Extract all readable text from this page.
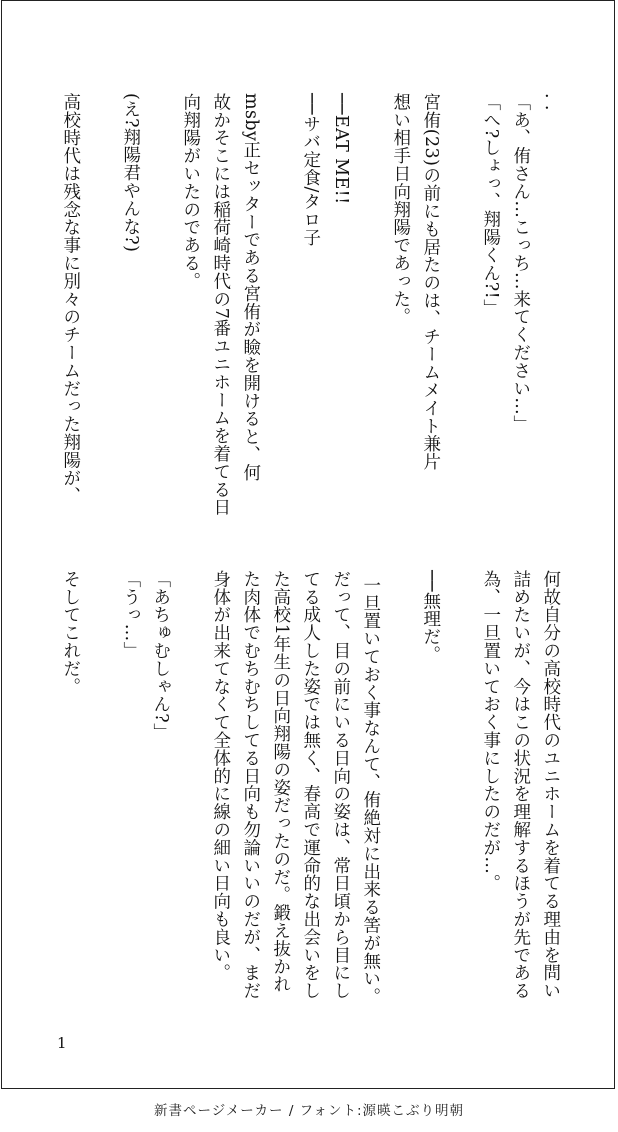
. .
「あ、侑さん…こっち…来てください…」
「へ?しょっ、翔陽くん?!」
宮侑(23)の前にも居たのは、チームメイト兼片
想い相手日向翔陽であった。
──EAT ME!!
──サバ定食/タロ子
msby正セッターである宮侑が瞼を開けると、何
故かそこには稲荷崎時代の7番ユニホームを着てる日
向翔陽がいたのである。
(え?翔陽君やんな?)
高校時代は残念な事に別々のチームだった翔陽が、
何故自分の高校時代のユニホームを着てる理由を問い
詰めたいが、今はこの状況を理解するほうが先である
為、一旦置いておく事にしたのだが…。
──無理だ。
一旦置いておく事なんて、侑絶対に出来る筈が無い。
だって、目の前にいる日向の姿は、常日頃から目にし
てる成人した姿では無く、春高で運命的な出会いをし
た高校1年生の日向翔陽の姿だったのだ。鍛え抜かれ
た肉体でむちむちしてる日向も勿論いいのだが、まだ
身体が出来てなくて全体的に線の細い日向も良い。
「あちゅむしゃん?」
「うっ…」
そしてこれだ。
1
新書ページメーカー / フォント:源暎こぶり明朝
